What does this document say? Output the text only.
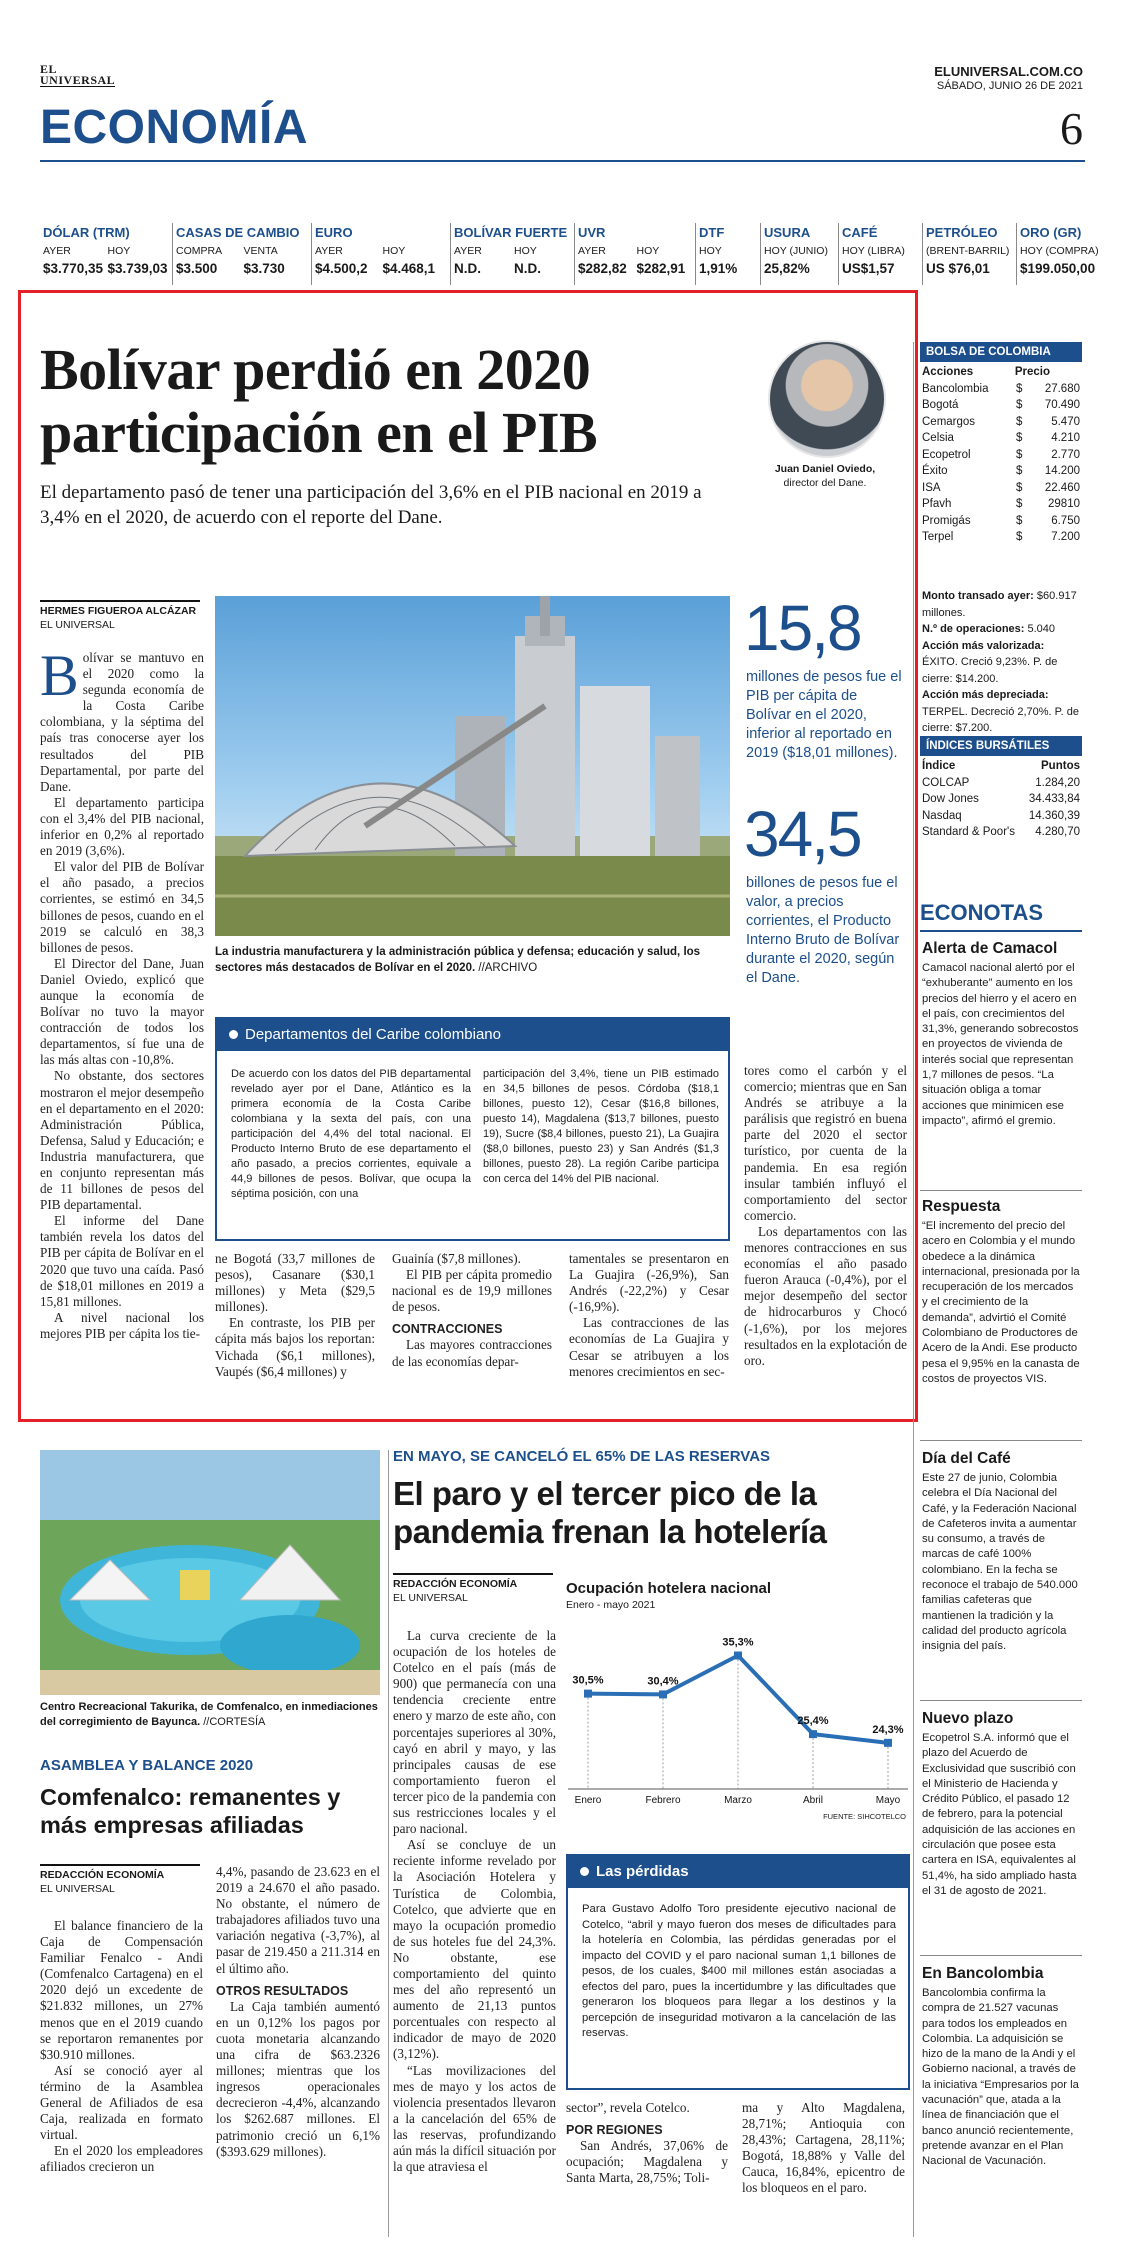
EL
UNIVERSAL
ECONOMÍA
ELUNIVERSAL.COM.CO
SÁBADO, JUNIO 26 DE 2021
6
DÓLAR (TRM)
AYER	HOY
$3.770,35 $3.739,03
CASAS DE CAMBIO
COMPRA	VENTA
$3.500	$3.730
EURO
AYER	HOY
$4.500,2	$4.468,1
BOLÍVAR FUERTE
AYER	HOY
N.D.	N.D.
UVR
AYER	HOY
$282,82 $282,91
DTF
HOY
1,91%
USURA
HOY (JUNIO)
25,82%
CAFÉ
HOY (LIBRA)
US$1,57
PETRÓLEO
(BRENT-BARRIL)
US $76,01
ORO (GR)
HOY (COMPRA)
$199.050,00
Bolívar perdió en 2020 participación en el PIB
El departamento pasó de tener una participación del 3,6% en el PIB nacional en 2019 a 3,4% en el 2020, de acuerdo con el reporte del Dane.
Juan Daniel Oviedo,
director del Dane.
HERMES FIGUEROA ALCÁZAR
EL UNIVERSAL

Bolívar se mantuvo en el 2020 como la segunda economía de la Costa Caribe colombiana, y la séptima del país tras conocerse ayer los resultados del PIB Departamental, por parte del Dane.

El departamento participa con el 3,4% del PIB nacional, inferior en 0,2% al reportado en 2019 (3,6%).

El valor del PIB de Bolívar el año pasado, a precios corrientes, se estimó en 34,5 billones de pesos, cuando en el 2019 se calculó en 38,3 billones de pesos.

El Director del Dane, Juan Daniel Oviedo, explicó que aunque la economía de Bolívar no tuvo la mayor contracción de todos los departamentos, sí fue una de las más altas con -10,8%.

No obstante, dos sectores mostraron el mejor desempeño en el departamento en el 2020: Administración Pública, Defensa, Salud y Educación; e Industria manufacturera, que en conjunto representan más de 11 billones de pesos del PIB departamental.

El informe del Dane también revela los datos del PIB per cápita de Bolívar en el 2020 que tuvo una caída. Pasó de $18,01 millones en 2019 a 15,81 millones.

A nivel nacional los mejores PIB per cápita los tie-

La industria manufacturera y la administración pública y defensa; educación y salud, los sectores más destacados de Bolívar en el 2020. //ARCHIVO
15,8
millones de pesos fue el PIB per cápita de Bolívar en el 2020, inferior al reportado en 2019 ($18,01 millones).
34,5
billones de pesos fue el valor, a precios corrientes, el Producto Interno Bruto de Bolívar durante el 2020, según el Dane.
Departamentos del Caribe colombiano
De acuerdo con los datos del PIB departamental revelado ayer por el Dane, Atlántico es la primera economía de la Costa Caribe colombiana y la sexta del país, con una participación del 4,4% del total nacional. El Producto Interno Bruto de ese departamento el año pasado, a precios corrientes, equivale a 44,9 billones de pesos. Bolívar, que ocupa la séptima posición, con una
participación del 3,4%, tiene un PIB estimado en 34,5 billones de pesos. Córdoba ($18,1 billones, puesto 12), Cesar ($16,8 billones, puesto 14), Magdalena ($13,7 billones, puesto 19), Sucre ($8,4 billones, puesto 21), La Guajira ($8,0 billones, puesto 23) y San Andrés ($1,3 billones, puesto 28). La región Caribe participa con cerca del 14% del PIB nacional.

tores como el carbón y el comercio; mientras que en San Andrés se atribuye a la parálisis que registró en buena parte del 2020 el sector turístico, por cuenta de la pandemia. En esa región insular también influyó el comportamiento del sector comercio.

Los departamentos con las menores contracciones en sus economías el año pasado fueron Arauca (-0,4%), por el mejor desempeño del sector de hidrocarburos y Chocó (-1,6%), por los mejores resultados en la explotación de oro.

ne Bogotá (33,7 millones de pesos), Casanare ($30,1 millones) y Meta ($29,5 millones).

En contraste, los PIB per cápita más bajos los reportan: Vichada ($6,1 millones), Vaupés ($6,4 millones) y

Guainía ($7,8 millones).

El PIB per cápita promedio nacional es de 19,9 millones de pesos.

CONTRACCIONES

Las mayores contracciones de las economías depar-

tamentales se presentaron en La Guajira (-26,9%), San Andrés (-22,2%) y Cesar (-16,9%).

Las contracciones de las economías de La Guajira y Cesar se atribuyen a los menores crecimientos en sec-

BOLSA DE COLOMBIA
Acciones	Precio
Bancolombia $ 27.680
Bogotá	$ 70.490
Cemargos	$	5.470
Celsia	$	4.210
Ecopetrol	$	2.770
Éxito	$ 14.200
ISA	$ 22.460
Pfavh	$ 29810
Promigás	$	6.750
Terpel	$	7.200
Monto transado ayer: $60.917 millones.
N.º de operaciones: 5.040
Acción más valorizada: ÉXITO. Creció 9,23%. P. de cierre: $14.200.
Acción más depreciada: TERPEL. Decreció 2,70%. P. de cierre: $7.200.
ÍNDICES BURSÁTILES
Índice	Puntos
COLCAP	1.284,20
Dow Jones	34.433,84
Nasdaq	14.360,39
Standard & Poor's 4.280,70
ECONOTAS
Alerta de Camacol
Camacol nacional alertó por el “exhuberante” aumento en los precios del hierro y el acero en el país, con crecimientos del 31,3%, generando sobrecostos en proyectos de vivienda de interés social que representan 1,7 millones de pesos. “La situación obliga a tomar acciones que minimicen ese impacto”, afirmó el gremio.
Respuesta
“El incremento del precio del acero en Colombia y el mundo obedece a la dinámica internacional, presionada por la recuperación de los mercados y el crecimiento de la demanda”, advirtió el Comité Colombiano de Productores de Acero de la Andi. Ese producto pesa el 9,95% en la canasta de costos de proyectos VIS.
Día del Café
Este 27 de junio, Colombia celebra el Día Nacional del Café, y la Federación Nacional de Cafeteros invita a aumentar su consumo, a través de marcas de café 100% colombiano. En la fecha se reconoce el trabajo de 540.000 familias cafeteras que mantienen la tradición y la calidad del producto agrícola insignia del país.
Nuevo plazo
Ecopetrol S.A. informó que el plazo del Acuerdo de Exclusividad que suscribió con el Ministerio de Hacienda y Crédito Público, el pasado 12 de febrero, para la potencial adquisición de las acciones en circulación que posee esta cartera en ISA, equivalentes al 51,4%, ha sido ampliado hasta el 31 de agosto de 2021.
En Bancolombia
Bancolombia confirma la compra de 21.527 vacunas para todos los empleados en Colombia. La adquisición se hizo de la mano de la Andi y el Gobierno nacional, a través de la iniciativa “Empresarios por la vacunación” que, atada a la línea de financiación que el banco anunció recientemente, pretende avanzar en el Plan Nacional de Vacunación.
Centro Recreacional Takurika, de Comfenalco, en inmediaciones del corregimiento de Bayunca. //CORTESÍA
ASAMBLEA Y BALANCE 2020
Comfenalco: remanentes y más empresas afiliadas
REDACCIÓN ECONOMÍA
EL UNIVERSAL

El balance financiero de la Caja de Compensación Familiar Fenalco - Andi (Comfenalco Cartagena) en el 2020 dejó un excedente de $21.832 millones, un 27% menos que en el 2019 cuando se reportaron remanentes por $30.910 millones.

Así se conoció ayer al término de la Asamblea General de Afiliados de esa Caja, realizada en formato virtual.

En el 2020 los empleadores afiliados crecieron un

4,4%, pasando de 23.623 en el 2019 a 24.670 el año pasado. No obstante, el número de trabajadores afiliados tuvo una variación negativa (-3,7%), al pasar de 219.450 a 211.314 en el último año.

OTROS RESULTADOS

La Caja también aumentó en un 0,12% los pagos por cuota monetaria alcanzando una cifra de $63.2326 millones; mientras que los ingresos operacionales decrecieron -4,4%, alcanzando los $262.687 millones. El patrimonio creció un 6,1% ($393.629 millones).

EN MAYO, SE CANCELÓ EL 65% DE LAS RESERVAS
El paro y el tercer pico de la pandemia frenan la hotelería
REDACCIÓN ECONOMÍA
EL UNIVERSAL

La curva creciente de la ocupación de los hoteles de Cotelco en el país (más de 900) que permanecía con una tendencia creciente entre enero y marzo de este año, con porcentajes superiores al 30%, cayó en abril y mayo, y las principales causas de ese comportamiento fueron el tercer pico de la pandemia con sus restricciones locales y el paro nacional.

Así se concluye de un reciente informe revelado por la Asociación Hotelera y Turística de Colombia, Cotelco, que advierte que en mayo la ocupación promedio de sus hoteles fue del 24,3%. No obstante, ese comportamiento del quinto mes del año representó un aumento de 21,13 puntos porcentuales con respecto al indicador de mayo de 2020 (3,12%).

“Las movilizaciones del mes de mayo y los actos de violencia presentados llevaron a la cancelación del 65% de las reservas, profundizando aún más la difícil situación por la que atraviesa el

Ocupación hotelera nacional
Enero - mayo 2021
30,5%
Enero
30,4%
Febrero
35,3%
Marzo
25,4%
Abril
24,3%
Mayo
FUENTE: SIHCOTELCO
Las pérdidas
Para Gustavo Adolfo Toro presidente ejecutivo nacional de Cotelco, “abril y mayo fueron dos meses de dificultades para la hotelería en Colombia, las pérdidas generadas por el impacto del COVID y el paro nacional suman 1,1 billones de pesos, de los cuales, $400 mil millones están asociadas a efectos del paro, pues la incertidumbre y las dificultades que generaron los bloqueos para llegar a los destinos y la percepción de inseguridad motivaron a la cancelación de las reservas.

sector”, revela Cotelco.

POR REGIONES

San Andrés, 37,06% de ocupación; Magdalena y Santa Marta, 28,75%; Toli-

ma y Alto Magdalena, 28,71%; Antioquia con 28,43%; Cartagena, 28,11%; Bogotá, 18,88% y Valle del Cauca, 16,84%, epicentro de los bloqueos en el paro.
